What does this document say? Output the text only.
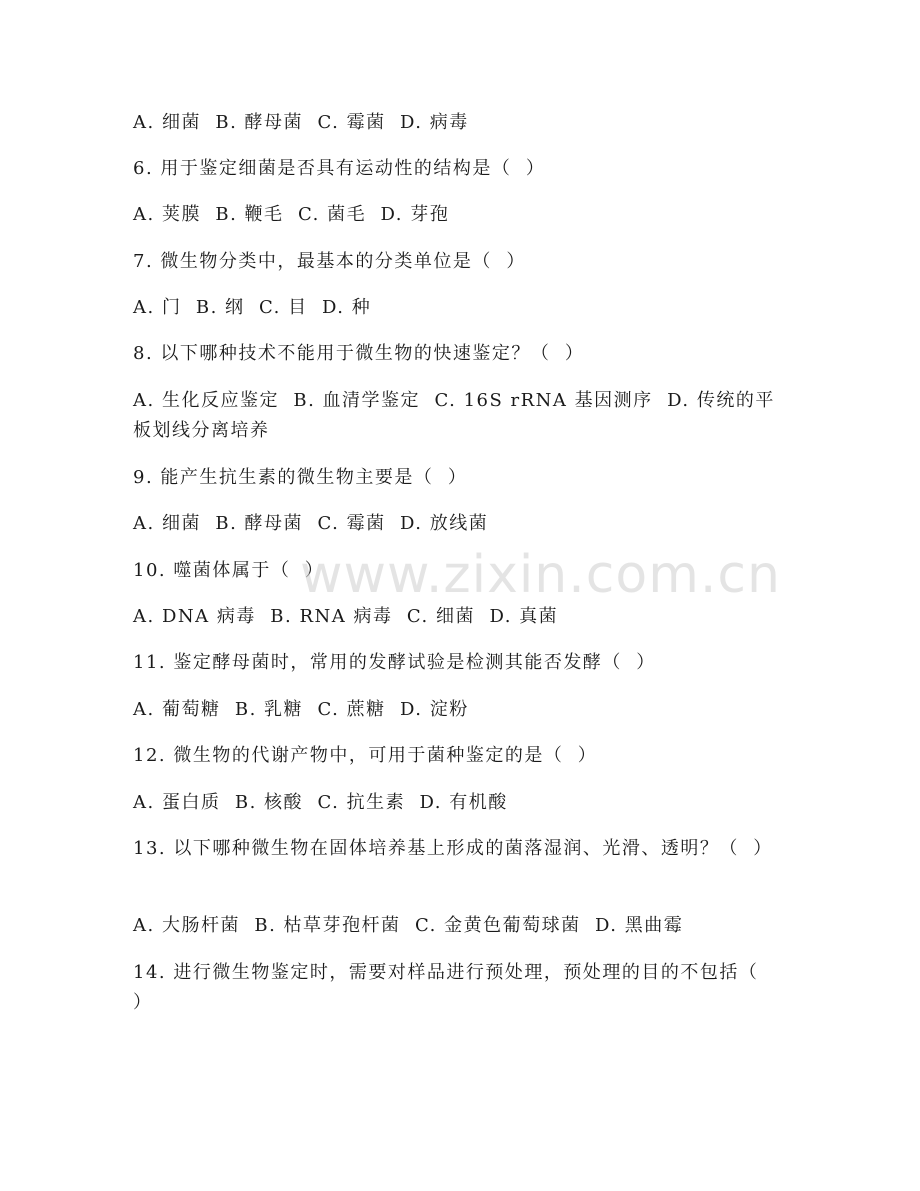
A. 细菌  B. 酵母菌  C. 霉菌  D. 病毒
6. 用于鉴定细菌是否具有运动性的结构是（  ）
A. 荚膜  B. 鞭毛  C. 菌毛  D. 芽孢
7. 微生物分类中，最基本的分类单位是（  ）
A. 门  B. 纲  C. 目  D. 种
8. 以下哪种技术不能用于微生物的快速鉴定？（  ）
A. 生化反应鉴定  B. 血清学鉴定  C. 16S rRNA 基因测序  D. 传统的平板划线分离培养
9. 能产生抗生素的微生物主要是（  ）
A. 细菌  B. 酵母菌  C. 霉菌  D. 放线菌
10. 噬菌体属于（  ）
A. DNA 病毒  B. RNA 病毒  C. 细菌  D. 真菌
11. 鉴定酵母菌时，常用的发酵试验是检测其能否发酵（  ）
A. 葡萄糖  B. 乳糖  C. 蔗糖  D. 淀粉
12. 微生物的代谢产物中，可用于菌种鉴定的是（  ）
A. 蛋白质  B. 核酸  C. 抗生素  D. 有机酸
13. 以下哪种微生物在固体培养基上形成的菌落湿润、光滑、透明？（  ）
A. 大肠杆菌  B. 枯草芽孢杆菌  C. 金黄色葡萄球菌  D. 黑曲霉
14. 进行微生物鉴定时，需要对样品进行预处理，预处理的目的不包括（  ）
www.zixin.com.cn
